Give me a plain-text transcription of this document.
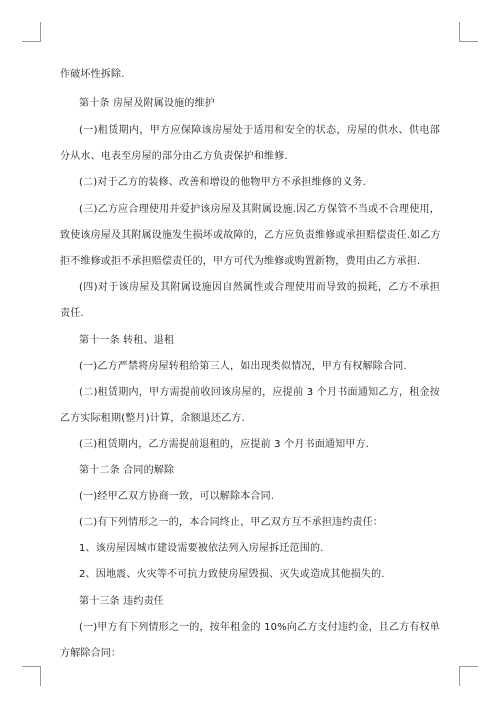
作破坏性拆除.
第十条 房屋及附属设施的维护
(一)租赁期内，甲方应保障该房屋处于适用和安全的状态，房屋的供水、供电部
分从水、电表至房屋的部分由乙方负责保护和维修.
(二)对于乙方的装修、改善和增设的他物甲方不承担维修的义务.
(三)乙方应合理使用并爱护该房屋及其附属设施.因乙方保管不当或不合理使用，
致使该房屋及其附属设施发生损坏或故障的，乙方应负责维修或承担赔偿责任.如乙方
拒不维修或拒不承担赔偿责任的，甲方可代为维修或购置新物，费用由乙方承担.
(四)对于该房屋及其附属设施因自然属性或合理使用而导致的损耗，乙方不承担
责任.
第十一条 转租、退租
(一)乙方严禁将房屋转租给第三人，如出现类似情况，甲方有权解除合同.
(二)租赁期内，甲方需提前收回该房屋的，应提前 3 个月书面通知乙方，租金按
乙方实际租期(整月)计算，余额退还乙方.
(三)租赁期内，乙方需提前退租的，应提前 3 个月书面通知甲方.
第十二条 合同的解除
(一)经甲乙双方协商一致，可以解除本合同.
(二)有下列情形之一的，本合同终止，甲乙双方互不承担违约责任：
1、该房屋因城市建设需要被依法列入房屋拆迁范围的.
2、因地震、火灾等不可抗力致使房屋毁损、灭失或造成其他损失的.
第十三条 违约责任
(一)甲方有下列情形之一的，按年租金的 10%向乙方支付违约金，且乙方有权单
方解除合同：
